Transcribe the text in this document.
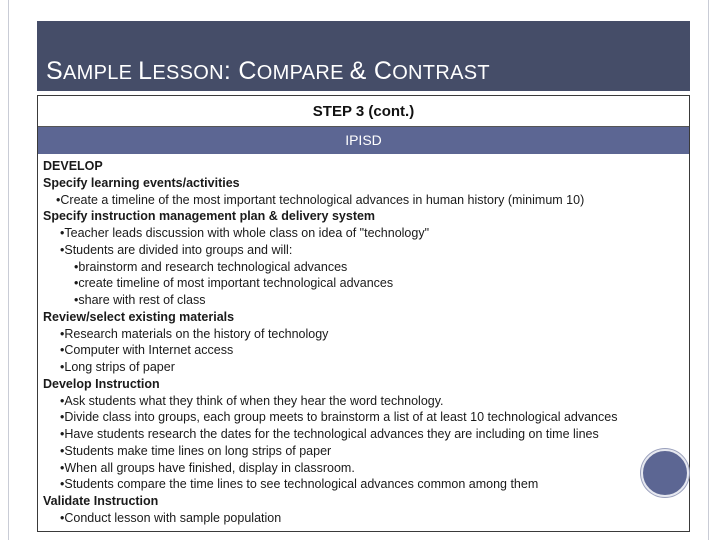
SAMPLE LESSON: COMPARE & CONTRAST
STEP 3 (cont.)
IPISD
DEVELOP
Specify learning events/activities
•Create a timeline of the most important technological advances in human history (minimum 10)
Specify instruction management plan & delivery system
•Teacher leads discussion with whole class on idea of "technology"
•Students are divided into groups and will:
•brainstorm and research technological advances
•create timeline of most important technological advances
•share with rest of class
Review/select existing materials
•Research materials on the history of technology
•Computer with Internet access
•Long strips of paper
Develop Instruction
•Ask students what they think of when they hear the word technology.
•Divide class into groups, each group meets to brainstorm a list of at least 10 technological advances
•Have students research the dates for the technological advances they are including on time lines
•Students make time lines on long strips of paper
•When all groups have finished, display in classroom.
•Students compare the time lines to see technological advances common among them
Validate Instruction
•Conduct lesson with sample population
